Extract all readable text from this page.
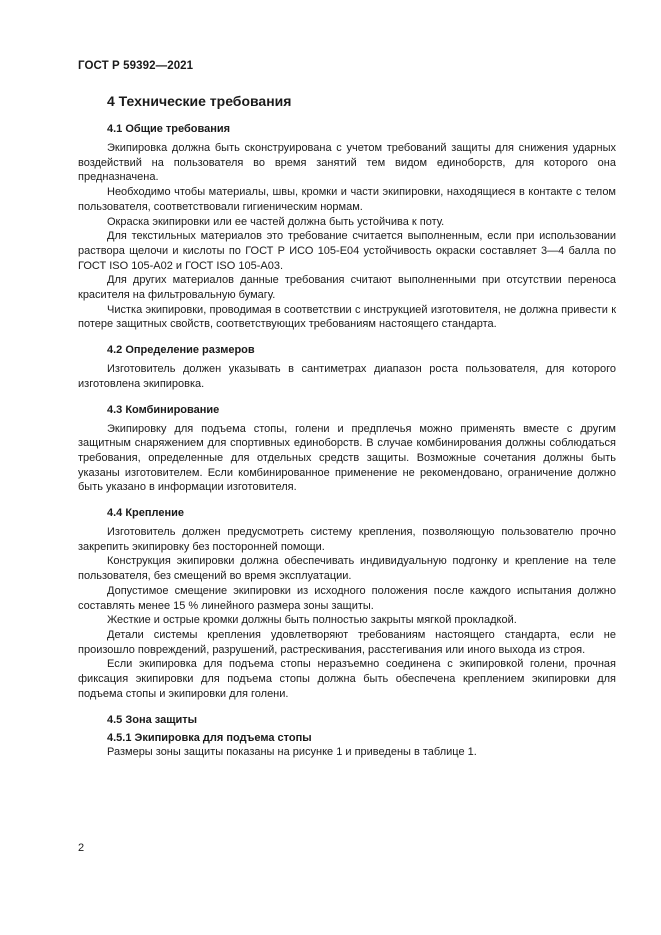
ГОСТ Р 59392—2021
4 Технические требования
4.1 Общие требования

Экипировка должна быть сконструирована с учетом требований защиты для снижения ударных воздействий на пользователя во время занятий тем видом единоборств, для которого она предназначена.

Необходимо чтобы материалы, швы, кромки и части экипировки, находящиеся в контакте с телом пользователя, соответствовали гигиеническим нормам.

Окраска экипировки или ее частей должна быть устойчива к поту.

Для текстильных материалов это требование считается выполненным, если при использовании раствора щелочи и кислоты по ГОСТ Р ИСО 105-Е04 устойчивость окраски составляет 3—4 балла по ГОСТ ISO 105-A02 и ГОСТ ISO 105-A03.

Для других материалов данные требования считают выполненными при отсутствии переноса красителя на фильтровальную бумагу.

Чистка экипировки, проводимая в соответствии с инструкцией изготовителя, не должна привести к потере защитных свойств, соответствующих требованиям настоящего стандарта.

4.2 Определение размеров

Изготовитель должен указывать в сантиметрах диапазон роста пользователя, для которого изготовлена экипировка.

4.3 Комбинирование

Экипировку для подъема стопы, голени и предплечья можно применять вместе с другим защитным снаряжением для спортивных единоборств. В случае комбинирования должны соблюдаться требования, определенные для отдельных средств защиты. Возможные сочетания должны быть указаны изготовителем. Если комбинированное применение не рекомендовано, ограничение должно быть указано в информации изготовителя.

4.4 Крепление

Изготовитель должен предусмотреть систему крепления, позволяющую пользователю прочно закрепить экипировку без посторонней помощи.

Конструкция экипировки должна обеспечивать индивидуальную подгонку и крепление на теле пользователя, без смещений во время эксплуатации.

Допустимое смещение экипировки из исходного положения после каждого испытания должно составлять менее 15 % линейного размера зоны защиты.

Жесткие и острые кромки должны быть полностью закрыты мягкой прокладкой.

Детали системы крепления удовлетворяют требованиям настоящего стандарта, если не произошло повреждений, разрушений, растрескивания, расстегивания или иного выхода из строя.

Если экипировка для подъема стопы неразъемно соединена с экипировкой голени, прочная фиксация экипировки для подъема стопы должна быть обеспечена креплением экипировки для подъема стопы и экипировки для голени.

4.5 Зона защиты
4.5.1 Экипировка для подъема стопы

Размеры зоны защиты показаны на рисунке 1 и приведены в таблице 1.

2
